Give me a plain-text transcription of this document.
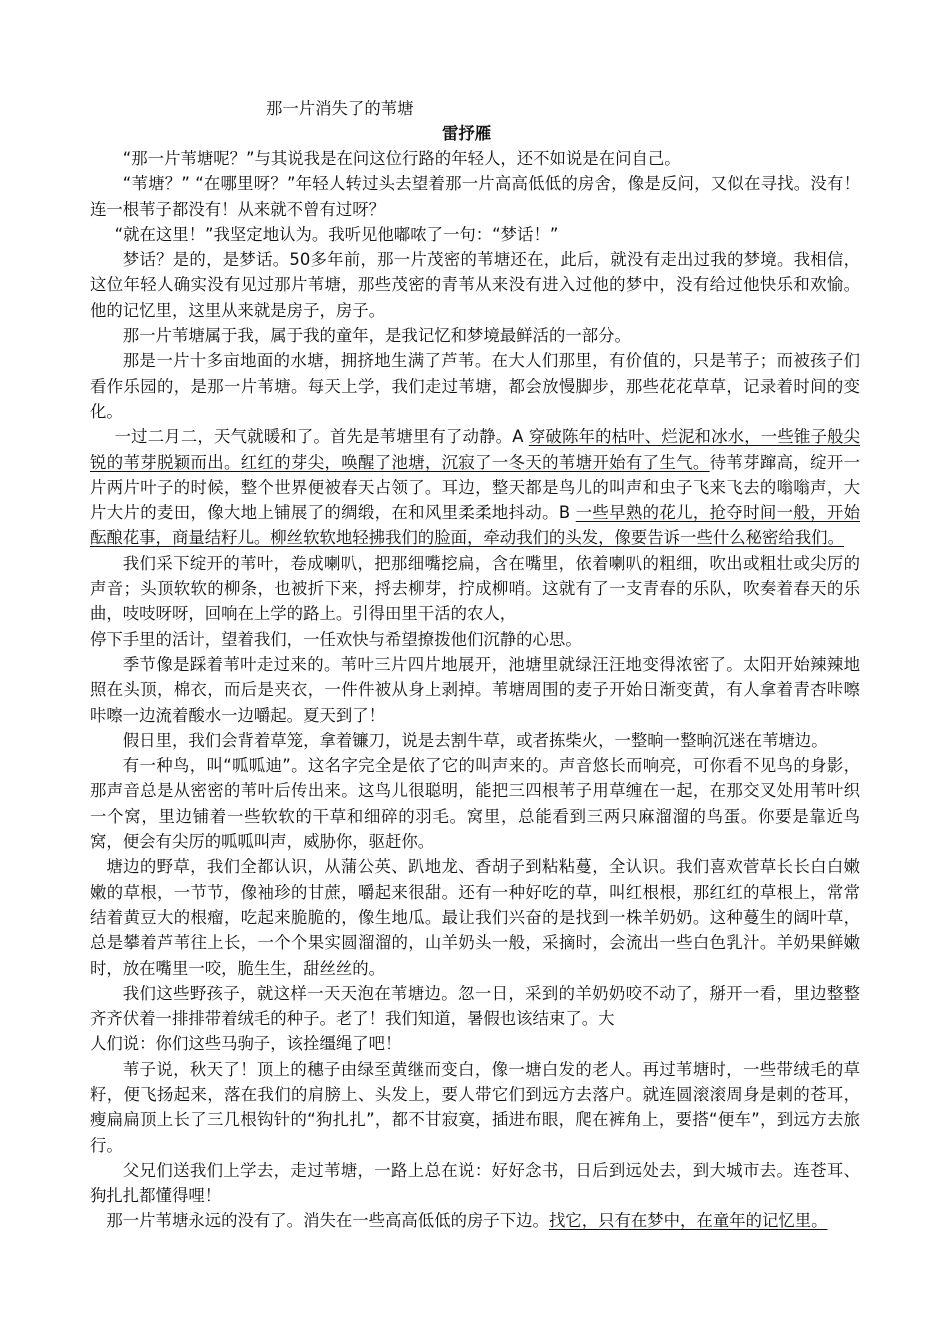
那一片消失了的苇塘
雷抒雁

“那一片苇塘呢？”与其说我是在问这位行路的年轻人，还不如说是在问自己。

“苇塘？” “在哪里呀？”年轻人转过头去望着那一片高高低低的房舍，像是反问，又似在寻找。没有！连一根苇子都没有！从来就不曾有过呀？

“就在这里！”我坚定地认为。我听见他嘟哝了一句：“梦话！”

梦话？是的，是梦话。50多年前，那一片茂密的苇塘还在，此后，就没有走出过我的梦境。我相信，这位年轻人确实没有见过那片苇塘，那些茂密的青苇从来没有进入过他的梦中，没有给过他快乐和欢愉。他的记忆里，这里从来就是房子，房子。

那一片苇塘属于我，属于我的童年，是我记忆和梦境最鲜活的一部分。

那是一片十多亩地面的水塘，拥挤地生满了芦苇。在大人们那里，有价值的，只是苇子；而被孩子们看作乐园的，是那一片苇塘。每天上学，我们走过苇塘，都会放慢脚步，那些花花草草，记录着时间的变化。

一过二月二，天气就暖和了。首先是苇塘里有了动静。A 穿破陈年的枯叶、烂泥和冰水，一些锥子般尖锐的苇芽脱颖而出。红红的芽尖，唤醒了池塘，沉寂了一冬天的苇塘开始有了生气。待苇芽蹿高，绽开一片两片叶子的时候，整个世界便被春天占领了。耳边，整天都是鸟儿的叫声和虫子飞来飞去的嗡嗡声，大片大片的麦田，像大地上铺展了的绸缎，在和风里柔柔地抖动。B 一些早熟的花儿，抢夺时间一般，开始酝酿花事，商量结籽儿。柳丝软软地轻拂我们的脸面，牵动我们的头发，像要告诉一些什么秘密给我们。

我们采下绽开的苇叶，卷成喇叭，把那细嘴挖扁，含在嘴里，依着喇叭的粗细，吹出或粗壮或尖厉的声音；头顶软软的柳条，也被折下来，捋去柳芽，拧成柳哨。这就有了一支青春的乐队，吹奏着春天的乐曲，吱吱呀呀，回响在上学的路上。引得田里干活的农人，

停下手里的活计，望着我们，一任欢快与希望撩拨他们沉静的心思。

季节像是踩着苇叶走过来的。苇叶三片四片地展开，池塘里就绿汪汪地变得浓密了。太阳开始辣辣地照在头顶，棉衣，而后是夹衣，一件件被从身上剥掉。苇塘周围的麦子开始日渐变黄，有人拿着青杏咔嚓咔嚓一边流着酸水一边嚼起。夏天到了！

假日里，我们会背着草笼，拿着镰刀，说是去割牛草，或者拣柴火，一整晌一整晌沉迷在苇塘边。

有一种鸟，叫“呱呱迪”。这名字完全是依了它的叫声来的。声音悠长而响亮，可你看不见鸟的身影，那声音总是从密密的苇叶后传出来。这鸟儿很聪明，能把三四根苇子用草缠在一起，在那交叉处用苇叶织一个窝，里边铺着一些软软的干草和细碎的羽毛。窝里，总能看到三两只麻溜溜的鸟蛋。你要是靠近鸟窝，便会有尖厉的呱呱叫声，威胁你，驱赶你。

塘边的野草，我们全都认识，从蒲公英、趴地龙、香胡子到粘粘蔓，全认识。我们喜欢菅草长长白白嫩嫩的草根，一节节，像袖珍的甘蔗，嚼起来很甜。还有一种好吃的草，叫红根根，那红红的草根上，常常结着黄豆大的根瘤，吃起来脆脆的，像生地瓜。最让我们兴奋的是找到一株羊奶奶。这种蔓生的阔叶草，总是攀着芦苇往上长，一个个果实圆溜溜的，山羊奶头一般，采摘时，会流出一些白色乳汁。羊奶果鲜嫩时，放在嘴里一咬，脆生生，甜丝丝的。

我们这些野孩子，就这样一天天泡在苇塘边。忽一日，采到的羊奶奶咬不动了，掰开一看，里边整整齐齐伏着一排排带着绒毛的种子。老了！我们知道，暑假也该结束了。大

人们说：你们这些马驹子，该拴缰绳了吧！

苇子说，秋天了！顶上的穗子由绿至黄继而变白，像一塘白发的老人。再过苇塘时，一些带绒毛的草籽，便飞扬起来，落在我们的肩膀上、头发上，要人带它们到远方去落户。就连圆滚滚周身是刺的苍耳，瘦扁扁顶上长了三几根钩针的“狗扎扎”，都不甘寂寞，插进布眼，爬在裤角上，要搭“便车”，到远方去旅行。

父兄们送我们上学去，走过苇塘，一路上总在说：好好念书，日后到远处去，到大城市去。连苍耳、狗扎扎都懂得哩！

那一片苇塘永远的没有了。消失在一些高高低低的房子下边。找它，只有在梦中，在童年的记忆里。
